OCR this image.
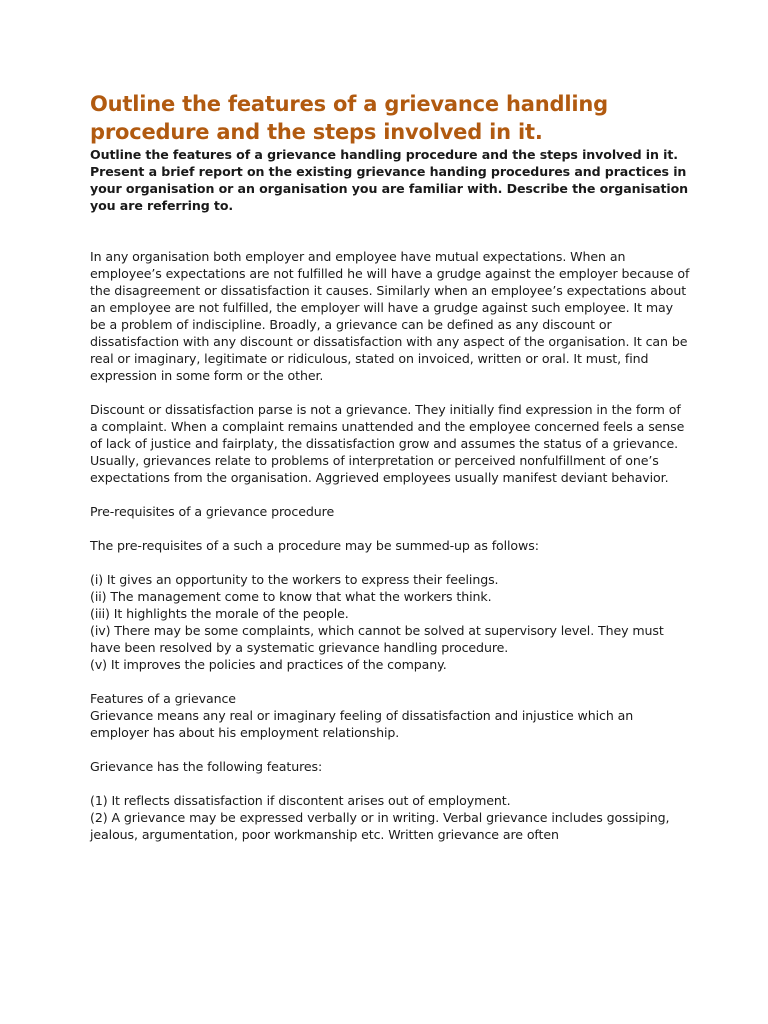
Outline the features of a grievance handling procedure and the steps involved in it.

Outline the features of a grievance handling procedure and the steps involved in it. Present a brief report on the existing grievance handing procedures and practices in your organisation or an organisation you are familiar with. Describe the organisation you are referring to.

In any organisation both employer and employee have mutual expectations. When an employee’s expectations are not fulfilled he will have a grudge against the employer because of the disagreement or dissatisfaction it causes. Similarly when an employee’s expectations about an employee are not fulfilled, the employer will have a grudge against such employee. It may be a problem of indiscipline. Broadly, a grievance can be defined as any discount or dissatisfaction with any discount or dissatisfaction with any aspect of the organisation. It can be real or imaginary, legitimate or ridiculous, stated on invoiced, written or oral. It must, find expression in some form or the other.

Discount or dissatisfaction parse is not a grievance. They initially find expression in the form of a complaint. When a complaint remains unattended and the employee concerned feels a sense of lack of justice and fairplaty, the dissatisfaction grow and assumes the status of a grievance. Usually, grievances relate to problems of interpretation or perceived nonfulfillment of one’s expectations from the organisation. Aggrieved employees usually manifest deviant behavior.

Pre-requisites of a grievance procedure

The pre-requisites of a such a procedure may be summed-up as follows:

(i) It gives an opportunity to the workers to express their feelings.

(ii) The management come to know that what the workers think.

(iii) It highlights the morale of the people.

(iv) There may be some complaints, which cannot be solved at supervisory level. They must have been resolved by a systematic grievance handling procedure.

(v) It improves the policies and practices of the company.

Features of a grievance

Grievance means any real or imaginary feeling of dissatisfaction and injustice which an employer has about his employment relationship.

Grievance has the following features:

(1) It reflects dissatisfaction if discontent arises out of employment.

(2) A grievance may be expressed verbally or in writing. Verbal grievance includes gossiping, jealous, argumentation, poor workmanship etc. Written grievance are often
